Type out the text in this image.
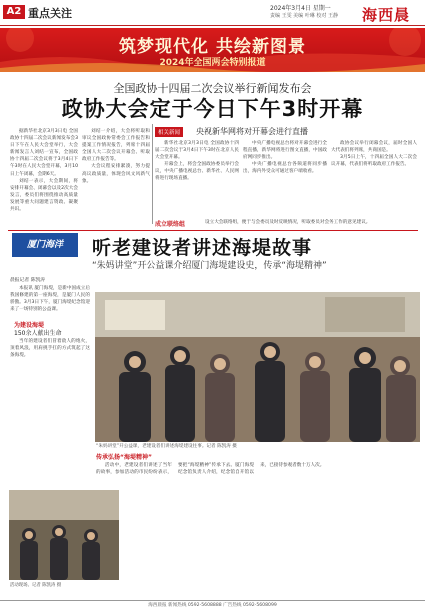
A2 重点关注	2024年3月4日 星期一
责编 王雯 美编 叶琳 校对 王静 海西晨
筑梦现代化 共绘新图景
2024年全国两会特别报道
全国政协十四届二次会议举行新闻发布会
政协大会定于今日下午3时开幕

据新华社北京3月3日电 全国政协十四届二次会议新闻发布会3日下午在人民大会堂举行，大会新闻发言人刘结一宣布，全国政协十四届二次会议将于3月4日下午3时在人民大会堂开幕，3月10日上午闭幕，会期6天。

刘结一表示，大会期间，将安排开幕会、闭幕会以及2次大会发言，委员们将围绕推动高质量发展等重大问题建言资政、凝聚共识。

刘结一介绍，大会将听取和审议全国政协常委会工作报告和提案工作情况报告，列席十四届全国人大二次会议开幕会、听取政府工作报告等。

大会议程安排紧凑，努力提高议政质量，体现会风文风新气象。

相关新闻	央视新华网将对开幕会进行直播

新华社北京3月3日电 全国政协十四届二次会议于3月4日下午3时在北京人民大会堂开幕。

开幕会上，将会全国政协委员举行会议，中央广播电视总台、新华社、人民网将进行现场直播。

中央广播电视总台将对开幕会进行全程直播，新华网将进行图文直播，中国政府网同步推出。

中央广播电视总台各频道将同步播出，海内外受众可通过客户端收看。

政协会议举行闭幕会议，届时全国人大代表们将列席，共商国是。

3月5日上午，十四届全国人大二次会议开幕，代表们将听取政府工作报告。

成立联络组	设立大会联络组，便于与会委员及时反映情况，听取委员对会务工作的意见建议。

厦门海洋	听老建设者讲述海堤故事
“朱妈讲堂”开公益课介绍厦门海堤建设史，传承“海堤精神”
晨报记者 陈凯涛

本报讯 厦门海堤，是新中国成立后我国修建的第一座海堤，是厦门人民的骄傲。3月3日下午，厦门海堤纪念馆迎来了一场特别的公益课。

为建设海堤
150余人献出生命

当年的建设者们冒着敌人的炮火，顶着风浪，用肩挑手扛的方式筑起了这条海堤。

“朱妈讲堂”开公益课，老建设者们讲述海堤建设往事。记者 陈凯涛 摄
传承弘扬“海堤精神”

活动中，老建设者们讲述了当年的故事，参加活动的市民纷纷表示，要把“海堤精神”传承下去。厦门海堤纪念馆负责人介绍，纪念馆自开馆以来，已接待参观者数十万人次。

活动现场。记者 陈凯涛 摄
海西晨报 新闻热线 0592-5608888 广告热线 0592-5608099
